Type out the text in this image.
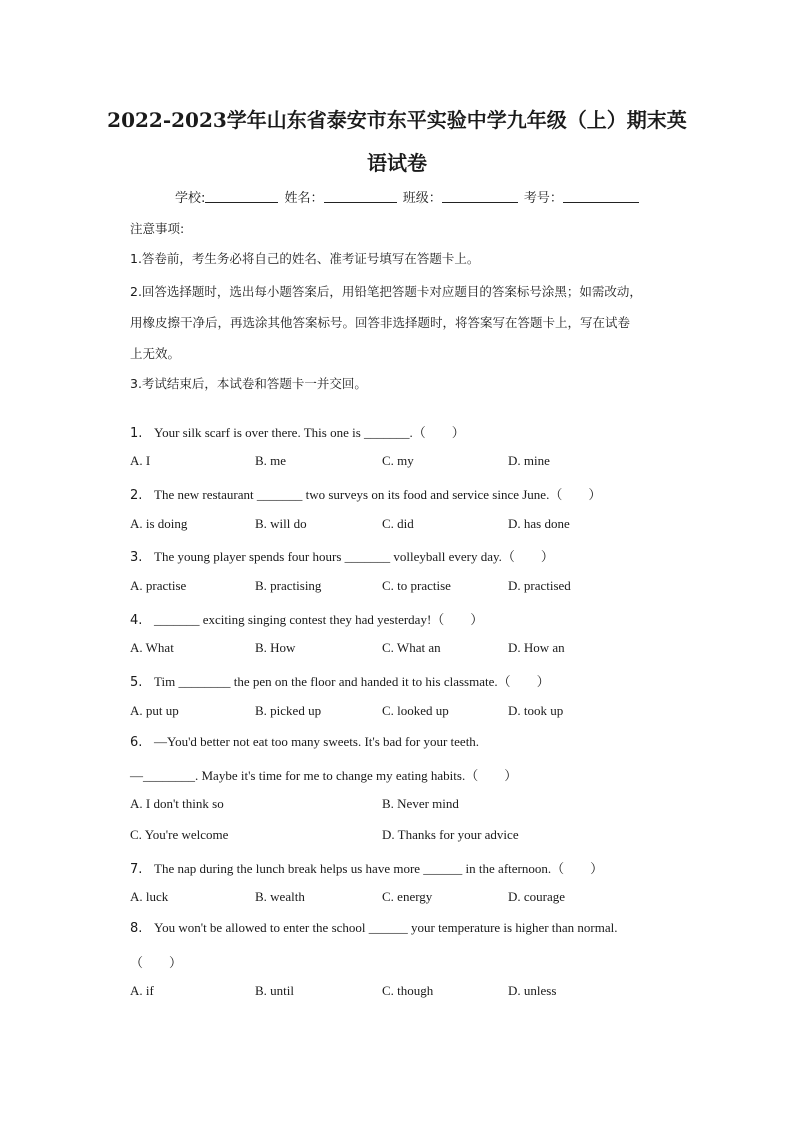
2022-2023学年山东省泰安市东平实验中学九年级（上）期末英
语试卷
学校:	姓名：	班级：	考号：
注意事项:
1.答卷前，考生务必将自己的姓名、准考证号填写在答题卡上。
2.回答选择题时，选出每小题答案后，用铅笔把答题卡对应题目的答案标号涂黑；如需改动，
用橡皮擦干净后，再选涂其他答案标号。回答非选择题时，将答案写在答题卡上，写在试卷
上无效。
3.考试结束后，本试卷和答题卡一并交回。
1. Your silk scarf is over there. This one is _______.（　　）
A. I	B. me	C. my	D. mine
2. The new restaurant _______ two surveys on its food and service since June.（　　）
A. is doing	B. will do	C. did	D. has done
3. The young player spends four hours _______ volleyball every day.（　　）
A. practise	B. practising	C. to practise	D. practised
4. _______ exciting singing contest they had yesterday!（　　）
A. What	B. How	C. What an	D. How an
5. Tim ________ the pen on the floor and handed it to his classmate.（　　）
A. put up	B. picked up	C. looked up	D. took up
6. —You'd better not eat too many sweets. It's bad for your teeth.
—________. Maybe it's time for me to change my eating habits.（　　）
A. I don't think so	B. Never mind
C. You're welcome	D. Thanks for your advice
7. The nap during the lunch break helps us have more ______ in the afternoon.（　　）
A. luck	B. wealth	C. energy	D. courage
8. You won't be allowed to enter the school ______ your temperature is higher than normal.
（　　）
A. if	B. until	C. though	D. unless
